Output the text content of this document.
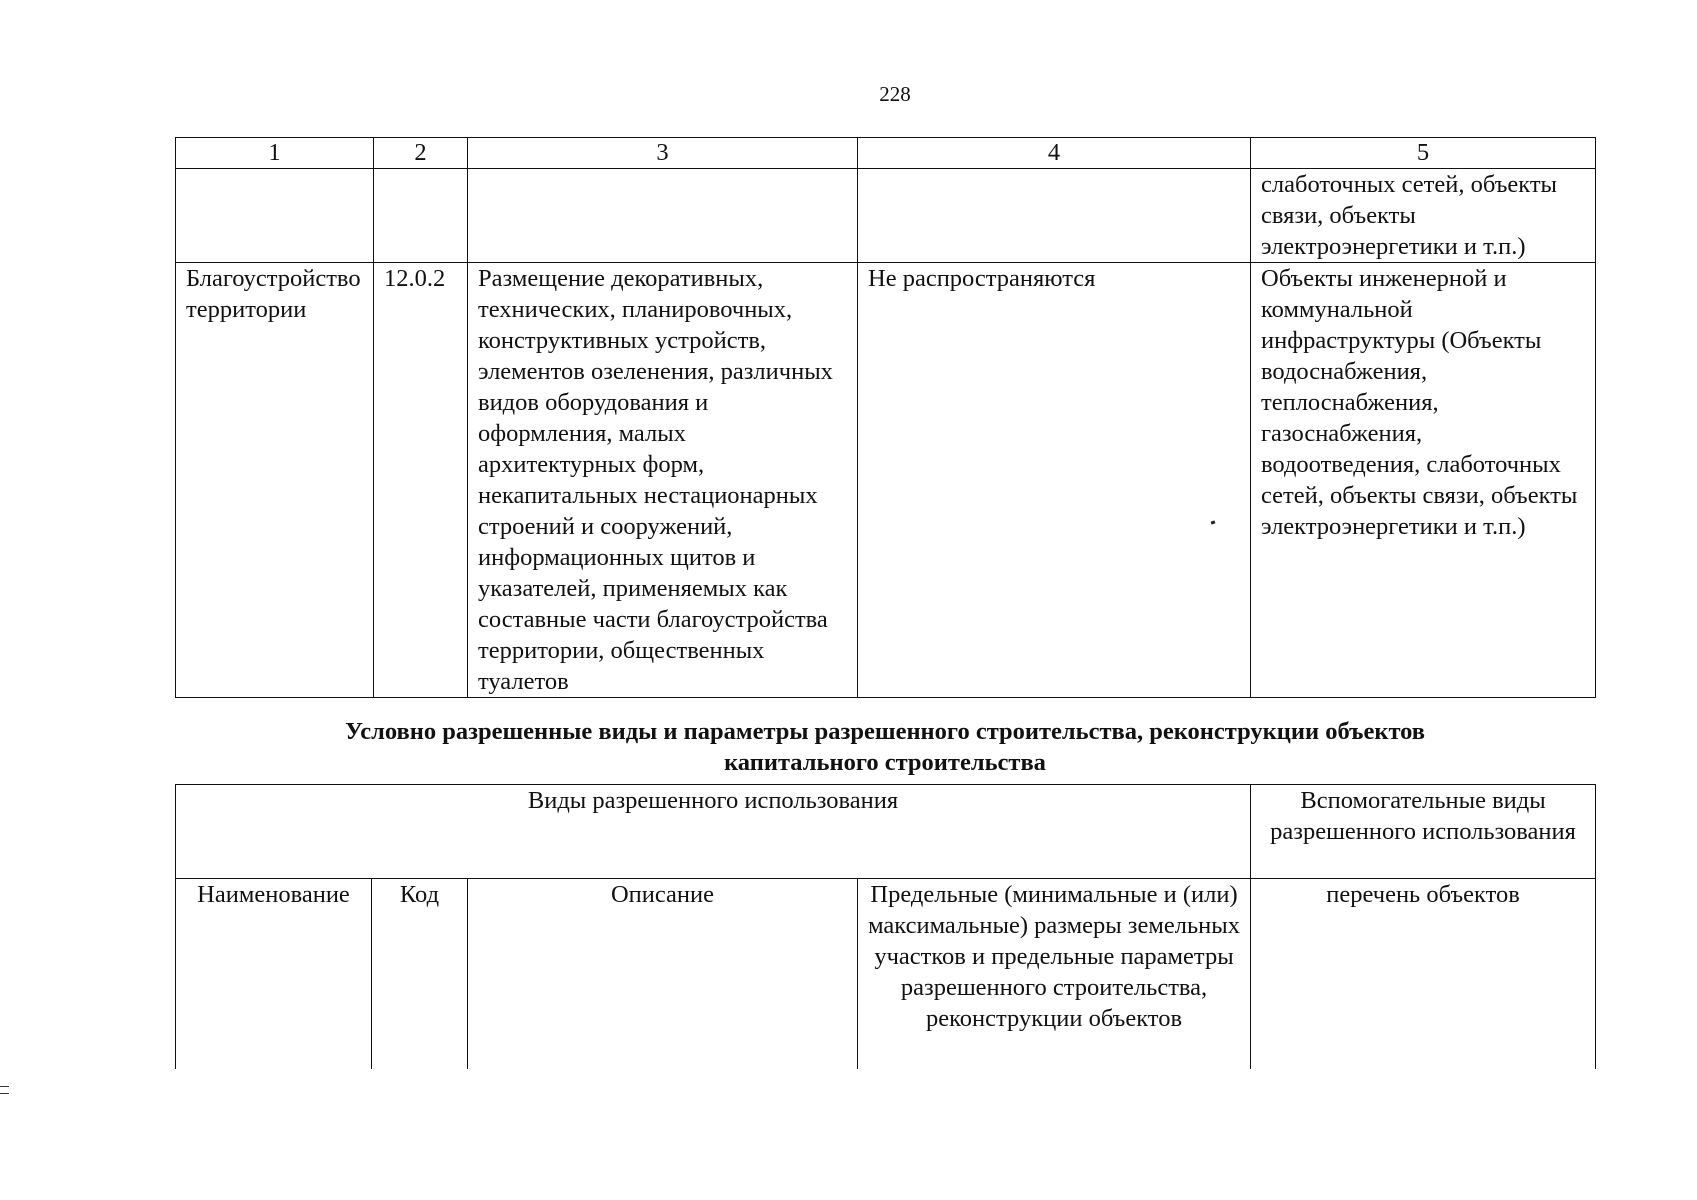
228
1	2	3	4	5
				слаботочных сетей, объекты связи, объекты электроэнергетики и т.п.)
Благоустройство территории	12.0.2	Размещение декоративных, технических, планировочных, конструктивных устройств, элементов озеленения, различных видов оборудования и оформления, малых архитектурных форм, некапитальных нестационарных строений и сооружений, информационных щитов и указателей, применяемых как составные части благоустройства территории, общественных туалетов	Не распространяются	Объекты инженерной и коммунальной инфраструктуры (Объекты водоснабжения, теплоснабжения, газоснабжения, водоотведения, слаботочных сетей, объекты связи, объекты электроэнергетики и т.п.)
Условно разрешенные виды и параметры разрешенного строительства, реконструкции объектов
капитального строительства
Виды разрешенного использования				Вспомогательные виды разрешенного использования
Наименование	Код	Описание	Предельные (минимальные и (или) максимальные) размеры земельных участков и предельные параметры разрешенного строительства, реконструкции объектов	перечень объектов
